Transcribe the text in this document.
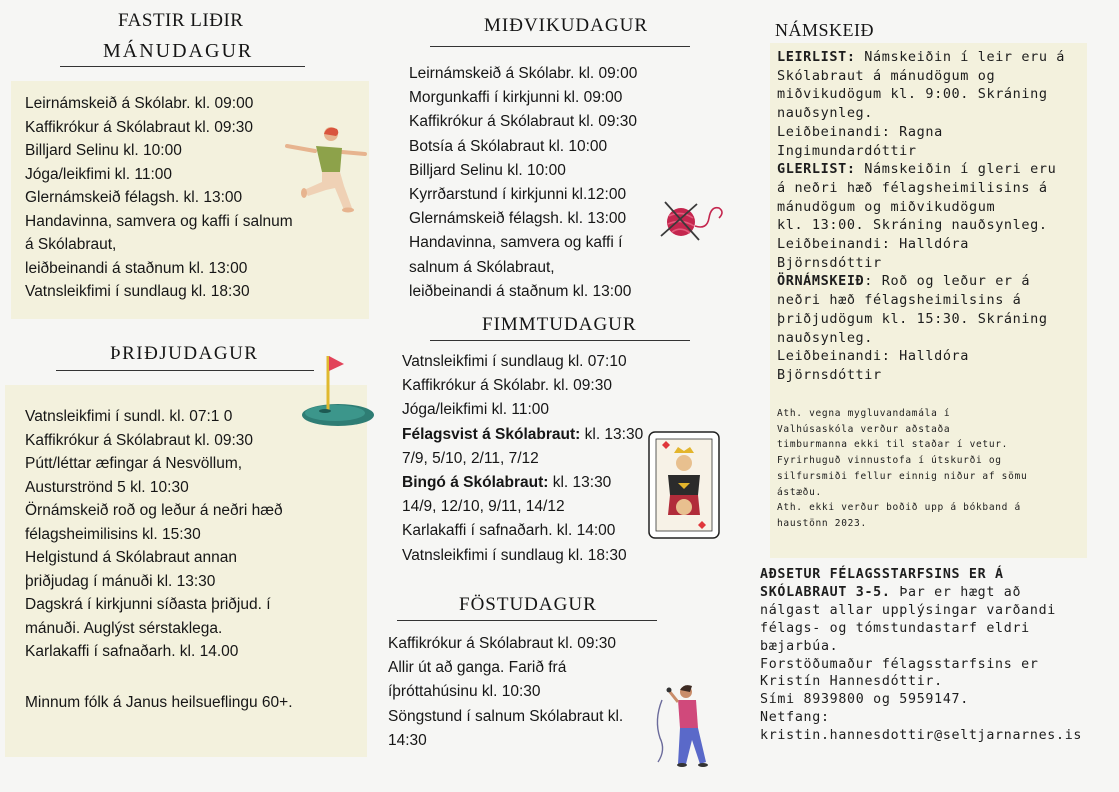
FASTIR LIÐIR
MÁNUDAGUR
Leirnámskeið á Skólabr. kl. 09:00
Kaffikrókur á Skólabraut kl. 09:30
Billjard Selinu kl. 10:00
Jóga/leikfimi kl. 11:00
Glernámskeið félagsh. kl. 13:00
Handavinna, samvera og kaffi í salnum
á Skólabraut,
leiðbeinandi á staðnum kl. 13:00
Vatnsleikfimi í sundlaug kl. 18:30
ÞRIÐJUDAGUR
Vatnsleikfimi í sundl. kl. 07:1 0
Kaffikrókur á Skólabraut kl. 09:30
Pútt/léttar æfingar á Nesvöllum,
Austurströnd 5 kl. 10:30
Örnámskeið roð og leður á neðri hæð
félagsheimilisins kl. 15:30
Helgistund á Skólabraut annan
þriðjudag í mánuði kl. 13:30
Dagskrá í kirkjunni síðasta þriðjud. í
mánuði. Auglýst sérstaklega.
Karlakaffi í safnaðarh. kl. 14.00
Minnum fólk á Janus heilsueflingu 60+.
MIÐVIKUDAGUR
Leirnámskeið á Skólabr. kl. 09:00
Morgunkaffi í kirkjunni kl. 09:00
Kaffikrókur á Skólabraut kl. 09:30
Botsía á Skólabraut kl. 10:00
Billjard Selinu kl. 10:00
Kyrrðarstund í kirkjunni kl.12:00
Glernámskeið félagsh. kl. 13:00
Handavinna, samvera og kaffi í
salnum á Skólabraut,
leiðbeinandi á staðnum kl. 13:00
FIMMTUDAGUR
Vatnsleikfimi í sundlaug kl. 07:10
Kaffikrókur á Skólabr. kl. 09:30
Jóga/leikfimi kl. 11:00
Félagsvist á Skólabraut: kl. 13:30
7/9, 5/10, 2/11, 7/12
Bingó á Skólabraut: kl. 13:30
14/9, 12/10, 9/11, 14/12
Karlakaffi í safnaðarh. kl. 14:00
Vatnsleikfimi í sundlaug kl. 18:30
FÖSTUDAGUR
Kaffikrókur á Skólabraut kl. 09:30
Allir út að ganga. Farið frá
íþróttahúsinu kl. 10:30
Söngstund í salnum Skólabraut kl.
14:30
NÁMSKEIÐ
LEIRLIST: Námskeiðin í leir eru á
Skólabraut á mánudögum og
miðvikudögum kl. 9:00. Skráning
nauðsynleg.
Leiðbeinandi: Ragna
Ingimundardóttir
GLERLIST: Námskeiðin í gleri eru
á neðri hæð félagsheimilisins á
mánudögum og miðvikudögum
kl. 13:00. Skráning nauðsynleg.
Leiðbeinandi: Halldóra
Björnsdóttir
ÖRNÁMSKEIÐ: Roð og leður er á
neðri hæð félagsheimilsins á
þriðjudögum kl. 15:30. Skráning
nauðsynleg.
Leiðbeinandi: Halldóra
Björnsdóttir
Ath. vegna mygluvandamála í
Valhúsaskóla verður aðstaða
timburmanna ekki til staðar í vetur.
Fyrirhuguð vinnustofa í útskurði og
silfursmiði fellur einnig niður af sömu
ástæðu.
Ath. ekki verður boðið upp á bókband á
haustönn 2023.
AÐSETUR FÉLAGSSTARFSINS ER Á
SKÓLABRAUT 3-5. Þar er hægt að
nálgast allar upplýsingar varðandi
félags- og tómstundastarf eldri
bæjarbúa.
Forstöðumaður félagsstarfsins er
Kristín Hannesdóttir.
Sími 8939800 og 5959147.
Netfang:
kristin.hannesdottir@seltjarnarnes.is
